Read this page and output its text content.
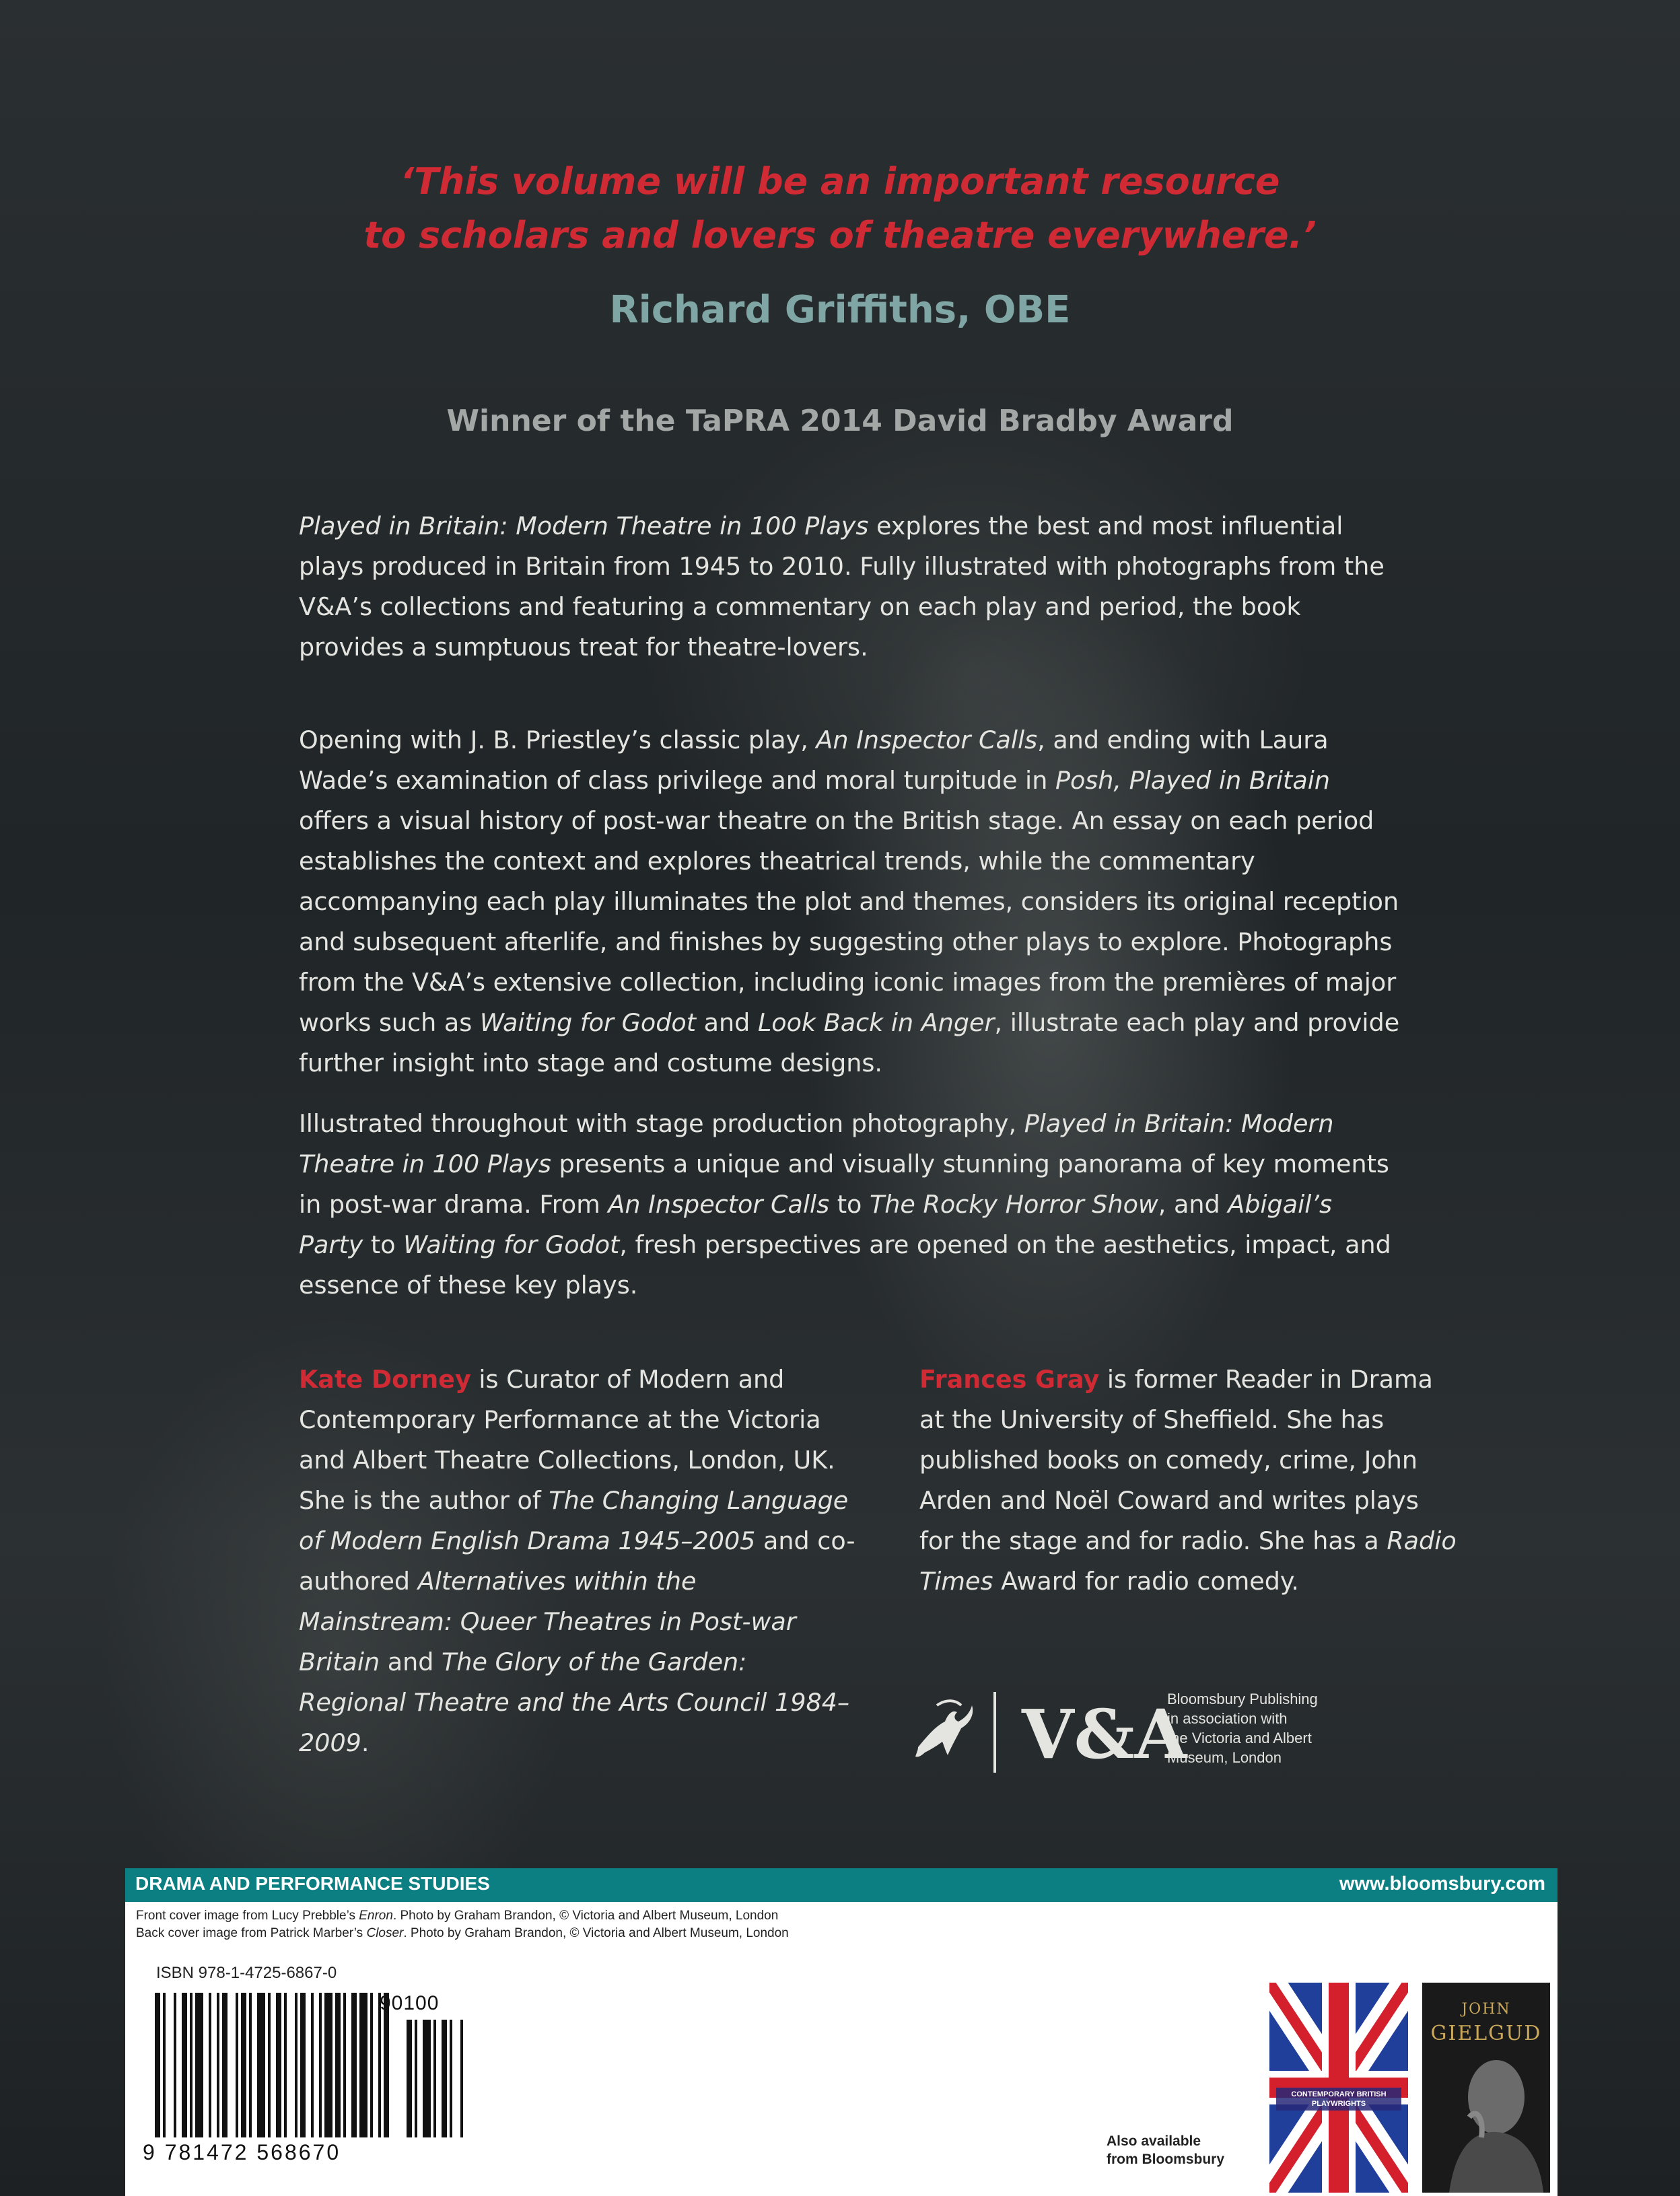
‘This volume will be an important resource
to scholars and lovers of theatre everywhere.’
Richard Griffiths, OBE
Winner of the TaPRA 2014 David Bradby Award
Played in Britain: Modern Theatre in 100 Plays explores the best and most influential plays produced in Britain from 1945 to 2010. Fully illustrated with photographs from the V&A’s collections and featuring a commentary on each play and period, the book provides a sumptuous treat for theatre-lovers.
Opening with J. B. Priestley’s classic play, An Inspector Calls, and ending with Laura Wade’s examination of class privilege and moral turpitude in Posh, Played in Britain offers a visual history of post-war theatre on the British stage. An essay on each period establishes the context and explores theatrical trends, while the commentary accompanying each play illuminates the plot and themes, considers its original reception and subsequent afterlife, and finishes by suggesting other plays to explore. Photographs from the V&A’s extensive collection, including iconic images from the premières of major works such as Waiting for Godot and Look Back in Anger, illustrate each play and provide further insight into stage and costume designs.
Illustrated throughout with stage production photography, Played in Britain: Modern Theatre in 100 Plays presents a unique and visually stunning panorama of key moments in post-war drama. From An Inspector Calls to The Rocky Horror Show, and Abigail’s Party to Waiting for Godot, fresh perspectives are opened on the aesthetics, impact, and essence of these key plays.
Kate Dorney is Curator of Modern and Contemporary Performance at the Victoria and Albert Theatre Collections, London, UK. She is the author of The Changing Language of Modern English Drama 1945–2005 and co-authored Alternatives within the Mainstream: Queer Theatres in Post-war Britain and The Glory of the Garden: Regional Theatre and the Arts Council 1984–2009.
Frances Gray is former Reader in Drama at the University of Sheffield. She has published books on comedy, crime, John Arden and Noël Coward and writes plays for the stage and for radio. She has a Radio Times Award for radio comedy.
V&A
Bloomsbury Publishing
in association with
the Victoria and Albert
Museum, London
DRAMA AND PERFORMANCE STUDIES	www.bloomsbury.com
Front cover image from Lucy Prebble’s Enron. Photo by Graham Brandon, © Victoria and Albert Museum, London
Back cover image from Patrick Marber’s Closer. Photo by Graham Brandon, © Victoria and Albert Museum, London
ISBN 978-1-4725-6867-0
90100
9 781472 568670	Also available
from Bloomsbury
CONTEMPORARY BRITISH PLAYWRIGHTS
JOHN
GIELGUD
